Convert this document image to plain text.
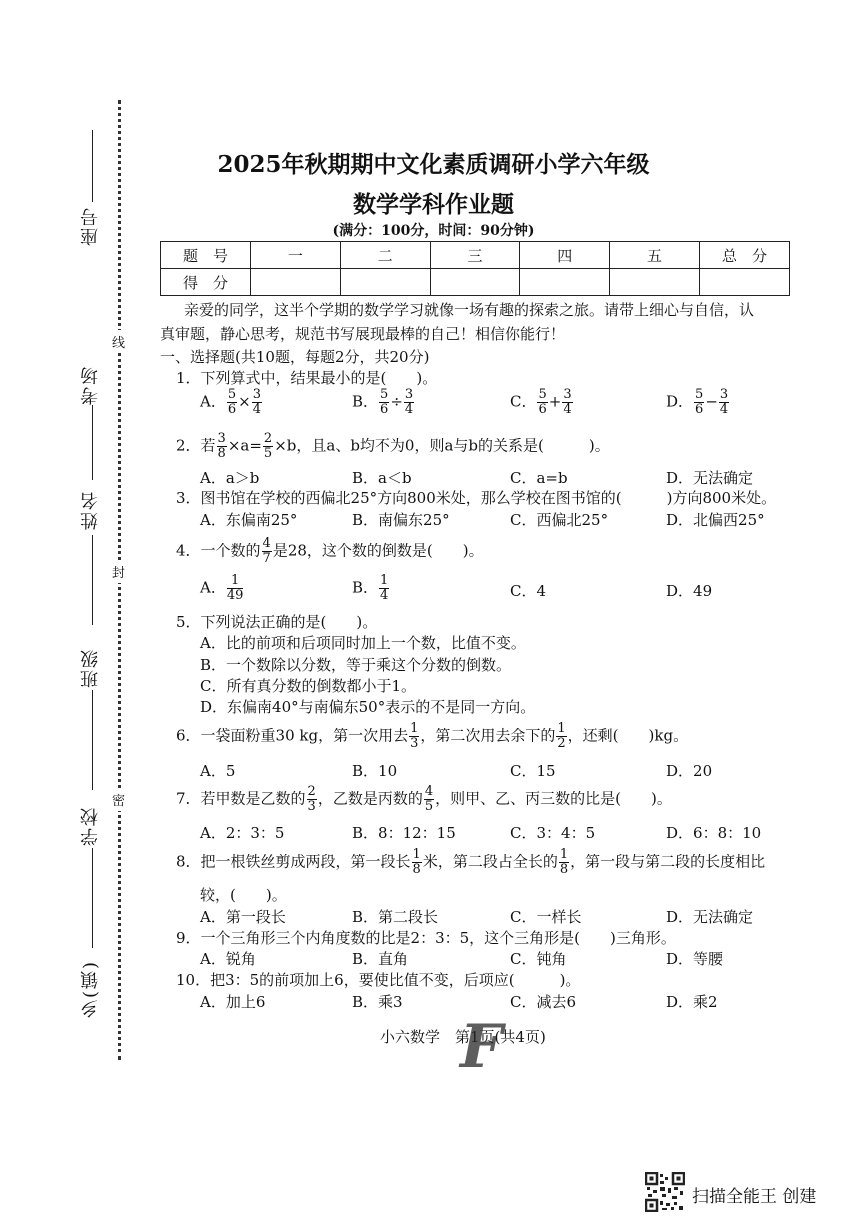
座号
考场
姓名
班级
学校
乡(镇)
线
封
密
2025年秋期期中文化素质调研小学六年级
数学学科作业题
(满分：100分，时间：90分钟)
题　号	一	二	三	四	五	总　分
得　分						
亲爱的同学，这半个学期的数学学习就像一场有趣的探索之旅。请带上细心与自信，认
真审题，静心思考，规范书写展现最棒的自己！相信你能行！
一、选择题(共10题，每题2分，共20分)
1．下列算式中，结果最小的是(　　)。
A． $\frac{5}{6} \times \frac{3}{4}$	B． $\frac{5}{6} \div \frac{3}{4}$	C． $\frac{5}{6} + \frac{3}{4}$	D． $\frac{5}{6} - \frac{3}{4}$
2．若 $\frac{3}{8} \times a= \frac{2}{5} \times b$，且a、b均不为0，则a与b的关系是(　　　)。
A．a＞b	B．a＜b	C．a=b	D．无法确定
3．图书馆在学校的西偏北25°方向800米处，那么学校在图书馆的(　　　)方向800米处。
A．东偏南25°	B．南偏东25°	C．西偏北25°	D．北偏西25°
4．一个数的 $\frac{4}{7}$ 是28，这个数的倒数是(　　)。
A． $\frac{1}{49}$	B． $\frac{1}{4}$	C．4	D．49
5．下列说法正确的是(　　)。
A．比的前项和后项同时加上一个数，比值不变。
B．一个数除以分数，等于乘这个分数的倒数。
C．所有真分数的倒数都小于1。
D．东偏南40°与南偏东50°表示的不是同一方向。
6．一袋面粉重30 kg，第一次用去 $\frac{1}{3}$ ，第二次用去余下的 $\frac{1}{2}$ ，还剩(　　)kg。
A．5	B．10	C．15	D．20
7．若甲数是乙数的 $\frac{2}{3}$ ，乙数是丙数的 $\frac{4}{5}$ ，则甲、乙、丙三数的比是(　　)。
A．2：3：5	B．8：12：15	C．3：4：5	D．6：8：10
8．把一根铁丝剪成两段，第一段长 $\frac{1}{8}$ 米，第二段占全长的 $\frac{1}{8}$ ，第一段与第二段的长度相比
较，(　　)。
A．第一段长	B．第二段长	C．一样长	D．无法确定
9．一个三角形三个内角度数的比是2：3：5，这个三角形是(　　)三角形。
A．锐角	B．直角	C．钝角	D．等腰
10．把3：5的前项加上6，要使比值不变，后项应(　　　)。
A．加上6	B．乘3	C．减去6	D．乘2
小六数学　第1页(共4页)
F
扫描全能王 创建
